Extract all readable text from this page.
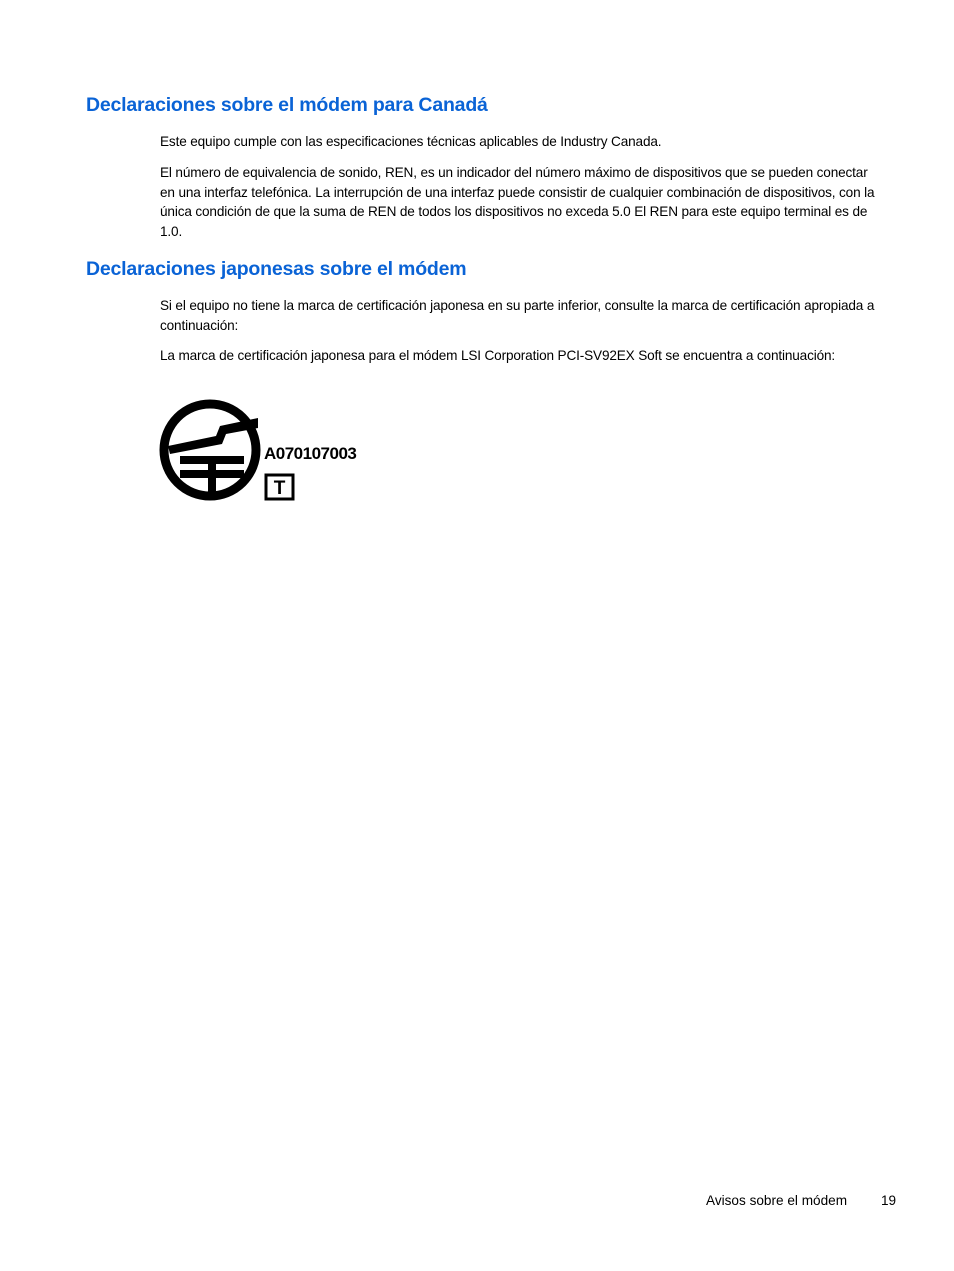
Declaraciones sobre el módem para Canadá

Este equipo cumple con las especificaciones técnicas aplicables de Industry Canada.

El número de equivalencia de sonido, REN, es un indicador del número máximo de dispositivos que se pueden conectar en una interfaz telefónica. La interrupción de una interfaz puede consistir de cualquier combinación de dispositivos, con la única condición de que la suma de REN de todos los dispositivos no exceda 5.0 El REN para este equipo terminal es de 1.0.

Declaraciones japonesas sobre el módem

Si el equipo no tiene la marca de certificación japonesa en su parte inferior, consulte la marca de certificación apropiada a continuación:

La marca de certificación japonesa para el módem LSI Corporation PCI-SV92EX Soft se encuentra a continuación:

A070107003
T
Avisos sobre el módem 19
